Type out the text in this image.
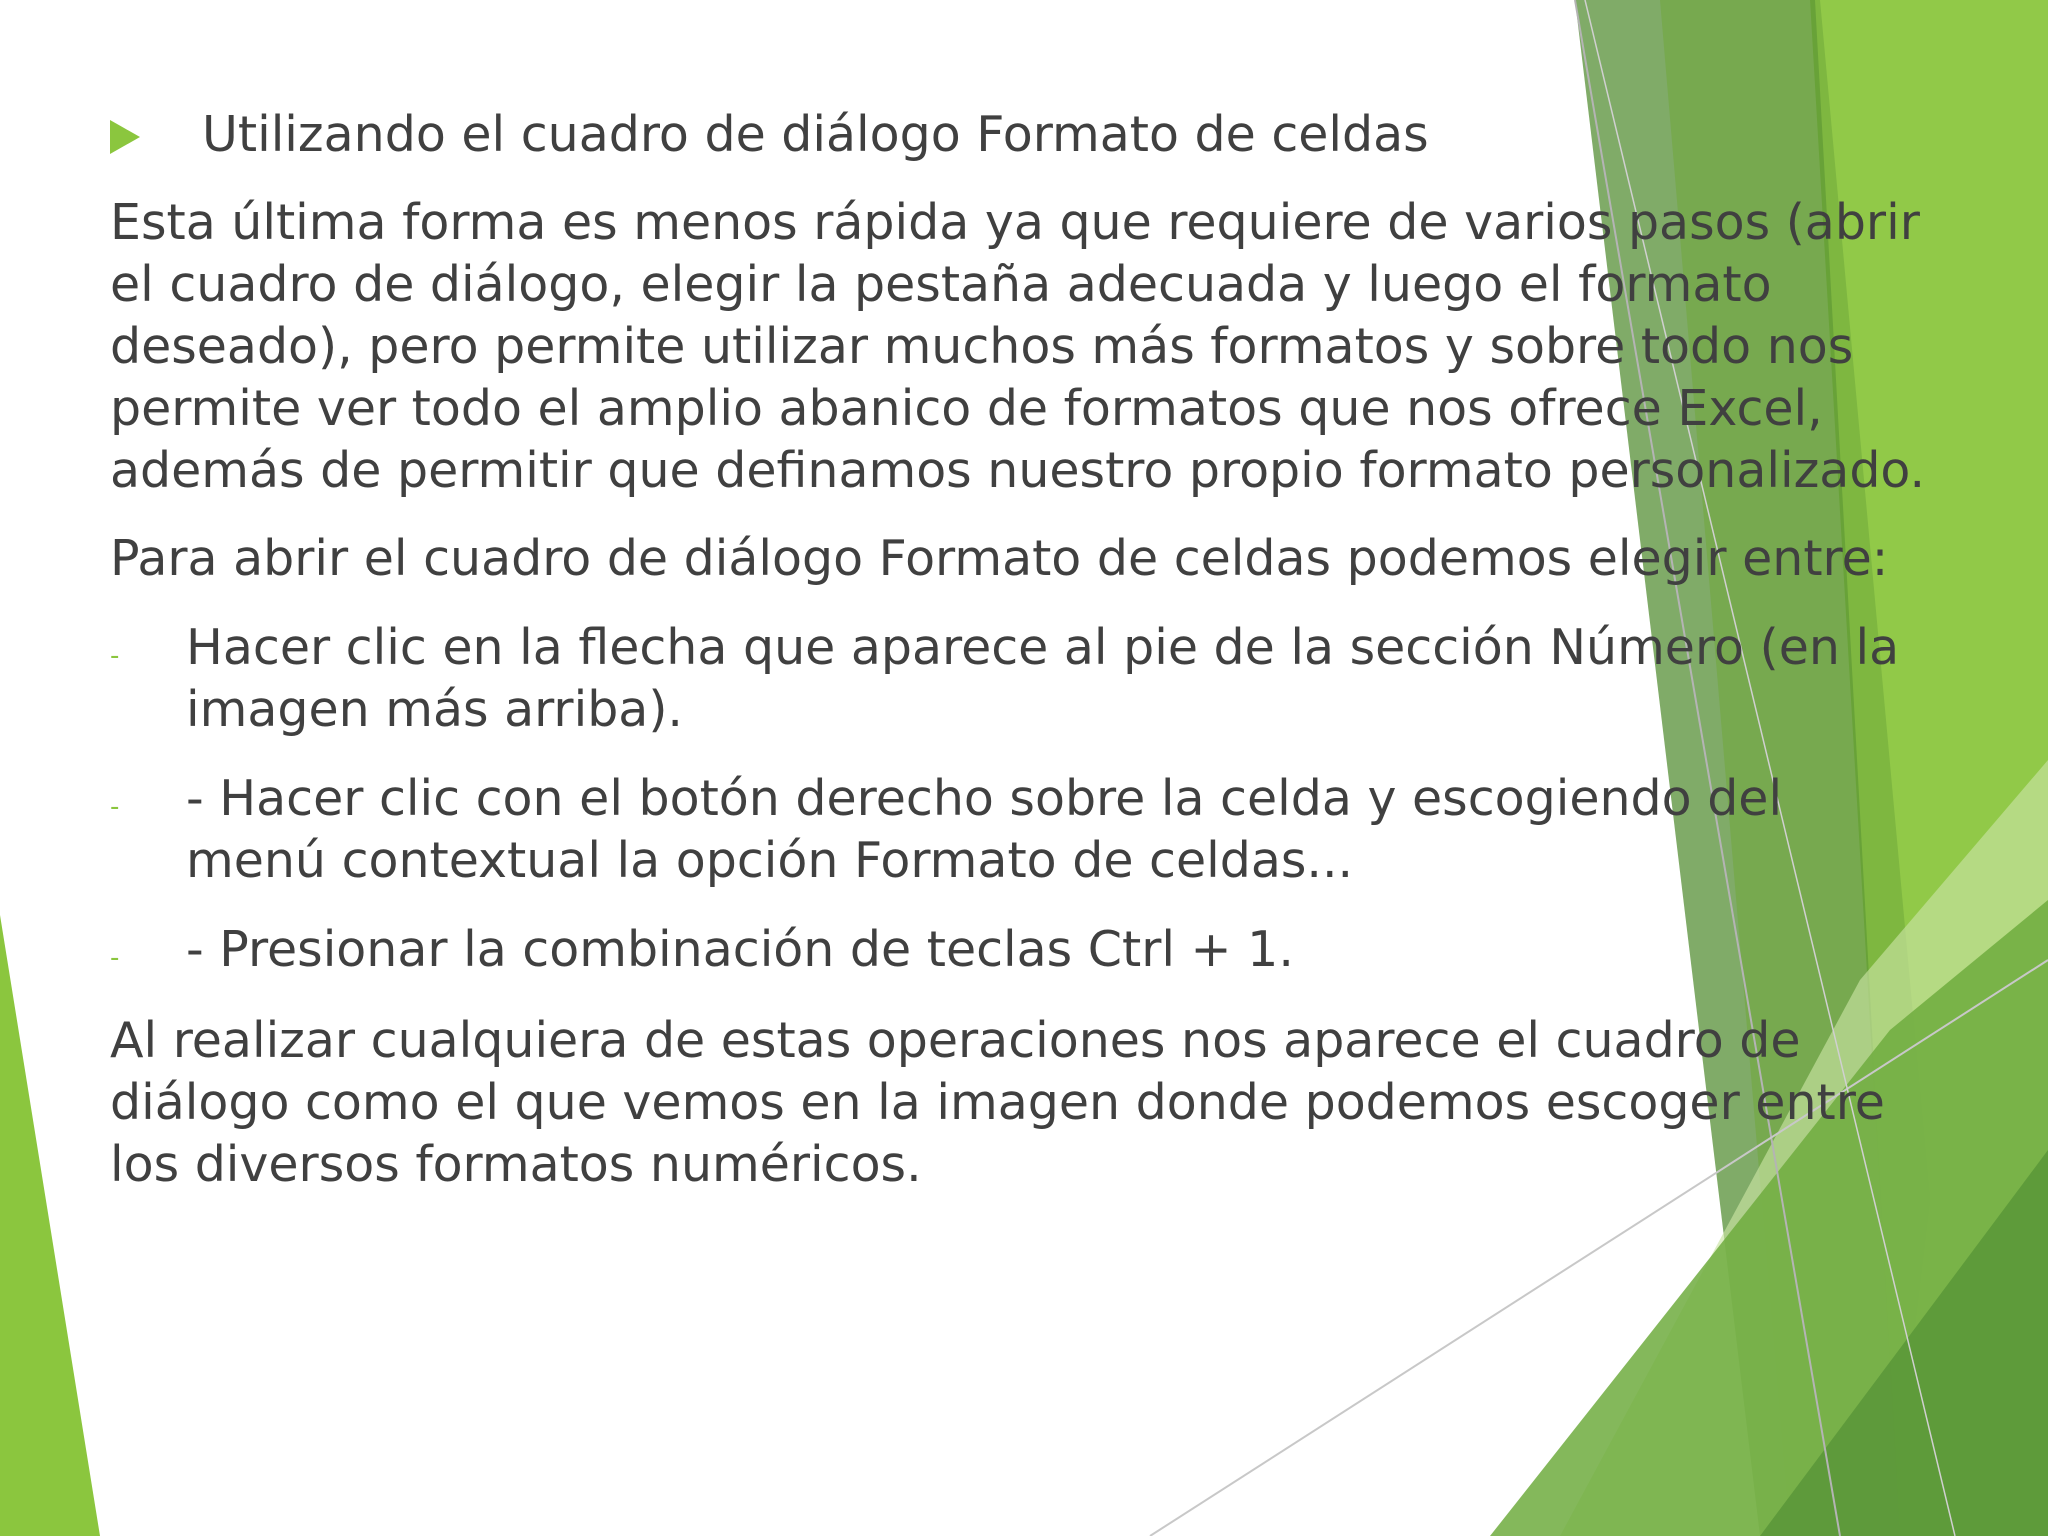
Utilizando el cuadro de diálogo Formato de celdas

Esta última forma es menos rápida ya que requiere de varios pasos (abrir el cuadro de diálogo, elegir la pestaña adecuada y luego el formato deseado), pero permite utilizar muchos más formatos y sobre todo nos permite ver todo el amplio abanico de formatos que nos ofrece Excel, además de permitir que definamos nuestro propio formato personalizado.

Para abrir el cuadro de diálogo Formato de celdas podemos elegir entre:

- Hacer clic en la flecha que aparece al pie de la sección Número (en la imagen más arriba).
- - Hacer clic con el botón derecho sobre la celda y escogiendo del menú contextual la opción Formato de celdas...
- - Presionar la combinación de teclas Ctrl + 1.

Al realizar cualquiera de estas operaciones nos aparece el cuadro de diálogo como el que vemos en la imagen donde podemos escoger entre los diversos formatos numéricos.
